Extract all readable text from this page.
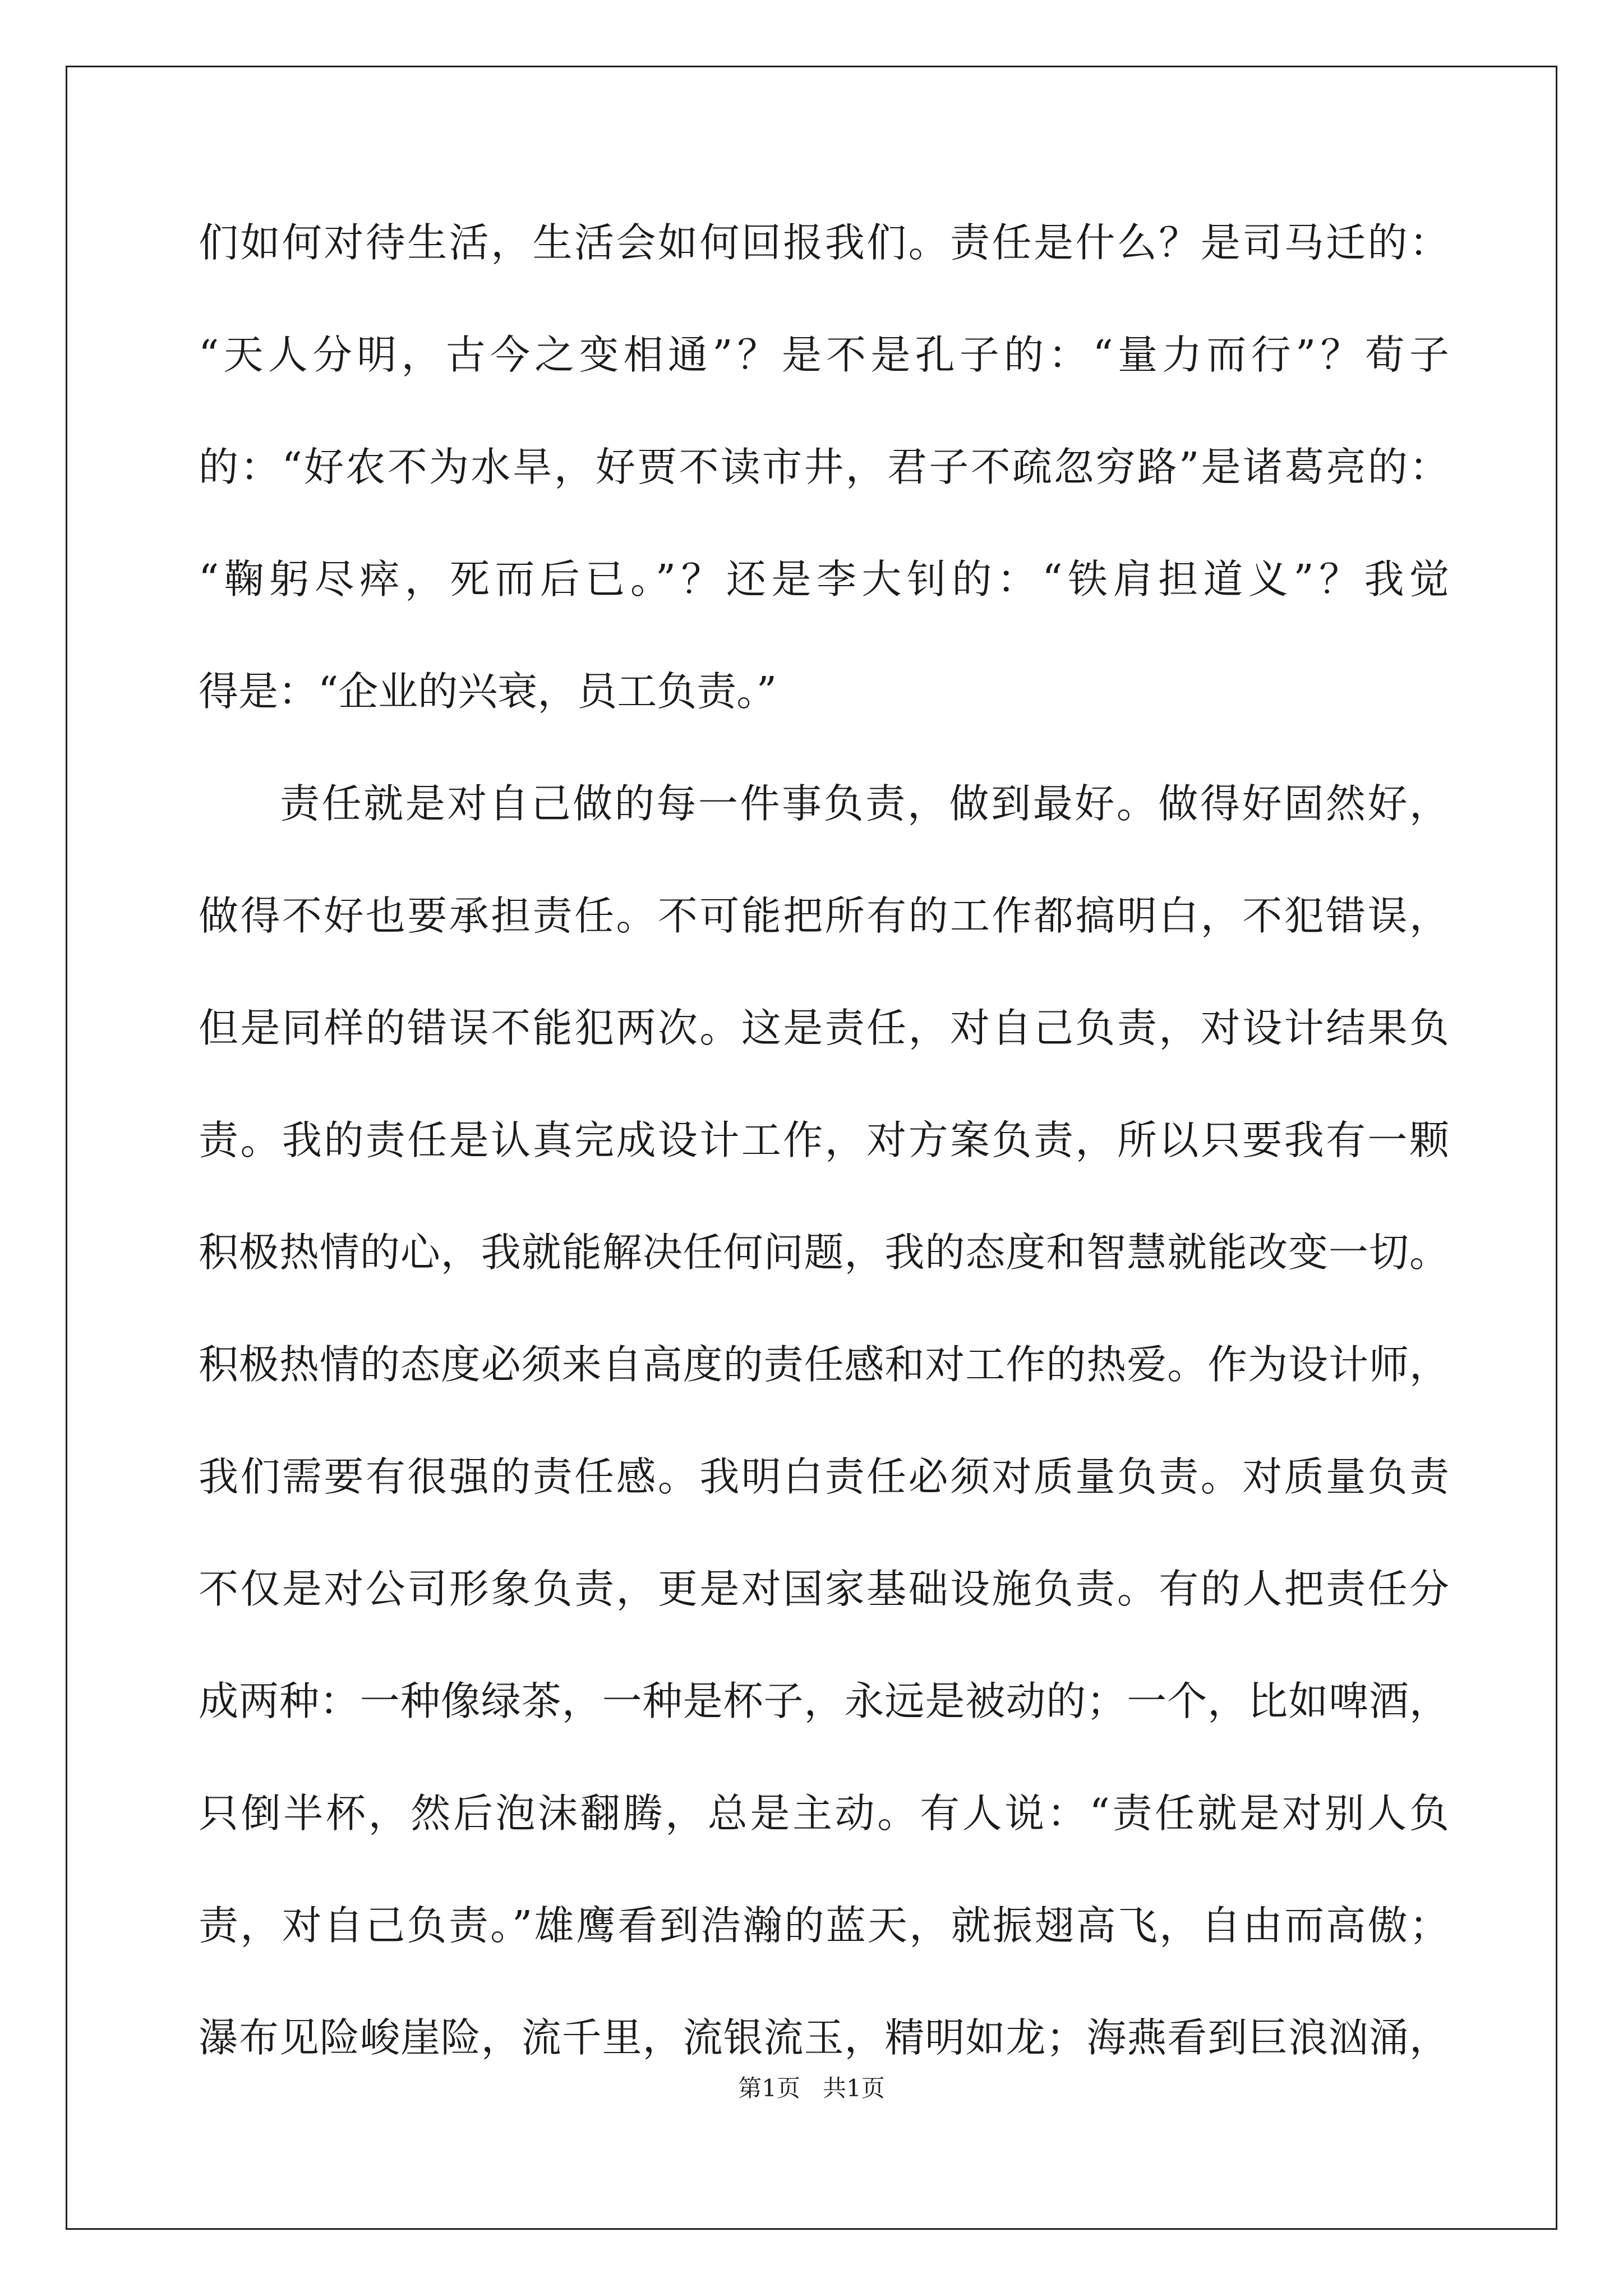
们如何对待生活，生活会如何回报我们。责任是什么？是司马迁的：
“天人分明，古今之变相通”？是不是孔子的：“量力而行”？荀子
的：“好农不为水旱，好贾不读市井，君子不疏忽穷路”是诸葛亮的：
“鞠躬尽瘁，死而后已。”？还是李大钊的：“铁肩担道义”？我觉
得是：“企业的兴衰，员工负责。”
责任就是对自己做的每一件事负责，做到最好。做得好固然好，
做得不好也要承担责任。不可能把所有的工作都搞明白，不犯错误，
但是同样的错误不能犯两次。这是责任，对自己负责，对设计结果负
责。我的责任是认真完成设计工作，对方案负责，所以只要我有一颗
积极热情的心，我就能解决任何问题，我的态度和智慧就能改变一切。
积极热情的态度必须来自高度的责任感和对工作的热爱。作为设计师，
我们需要有很强的责任感。我明白责任必须对质量负责。对质量负责
不仅是对公司形象负责，更是对国家基础设施负责。有的人把责任分
成两种：一种像绿茶，一种是杯子，永远是被动的；一个，比如啤酒，
只倒半杯，然后泡沫翻腾，总是主动。有人说：“责任就是对别人负
责，对自己负责。”雄鹰看到浩瀚的蓝天，就振翅高飞，自由而高傲；
瀑布见险峻崖险，流千里，流银流玉，精明如龙；海燕看到巨浪汹涌，
第1页 共1页
